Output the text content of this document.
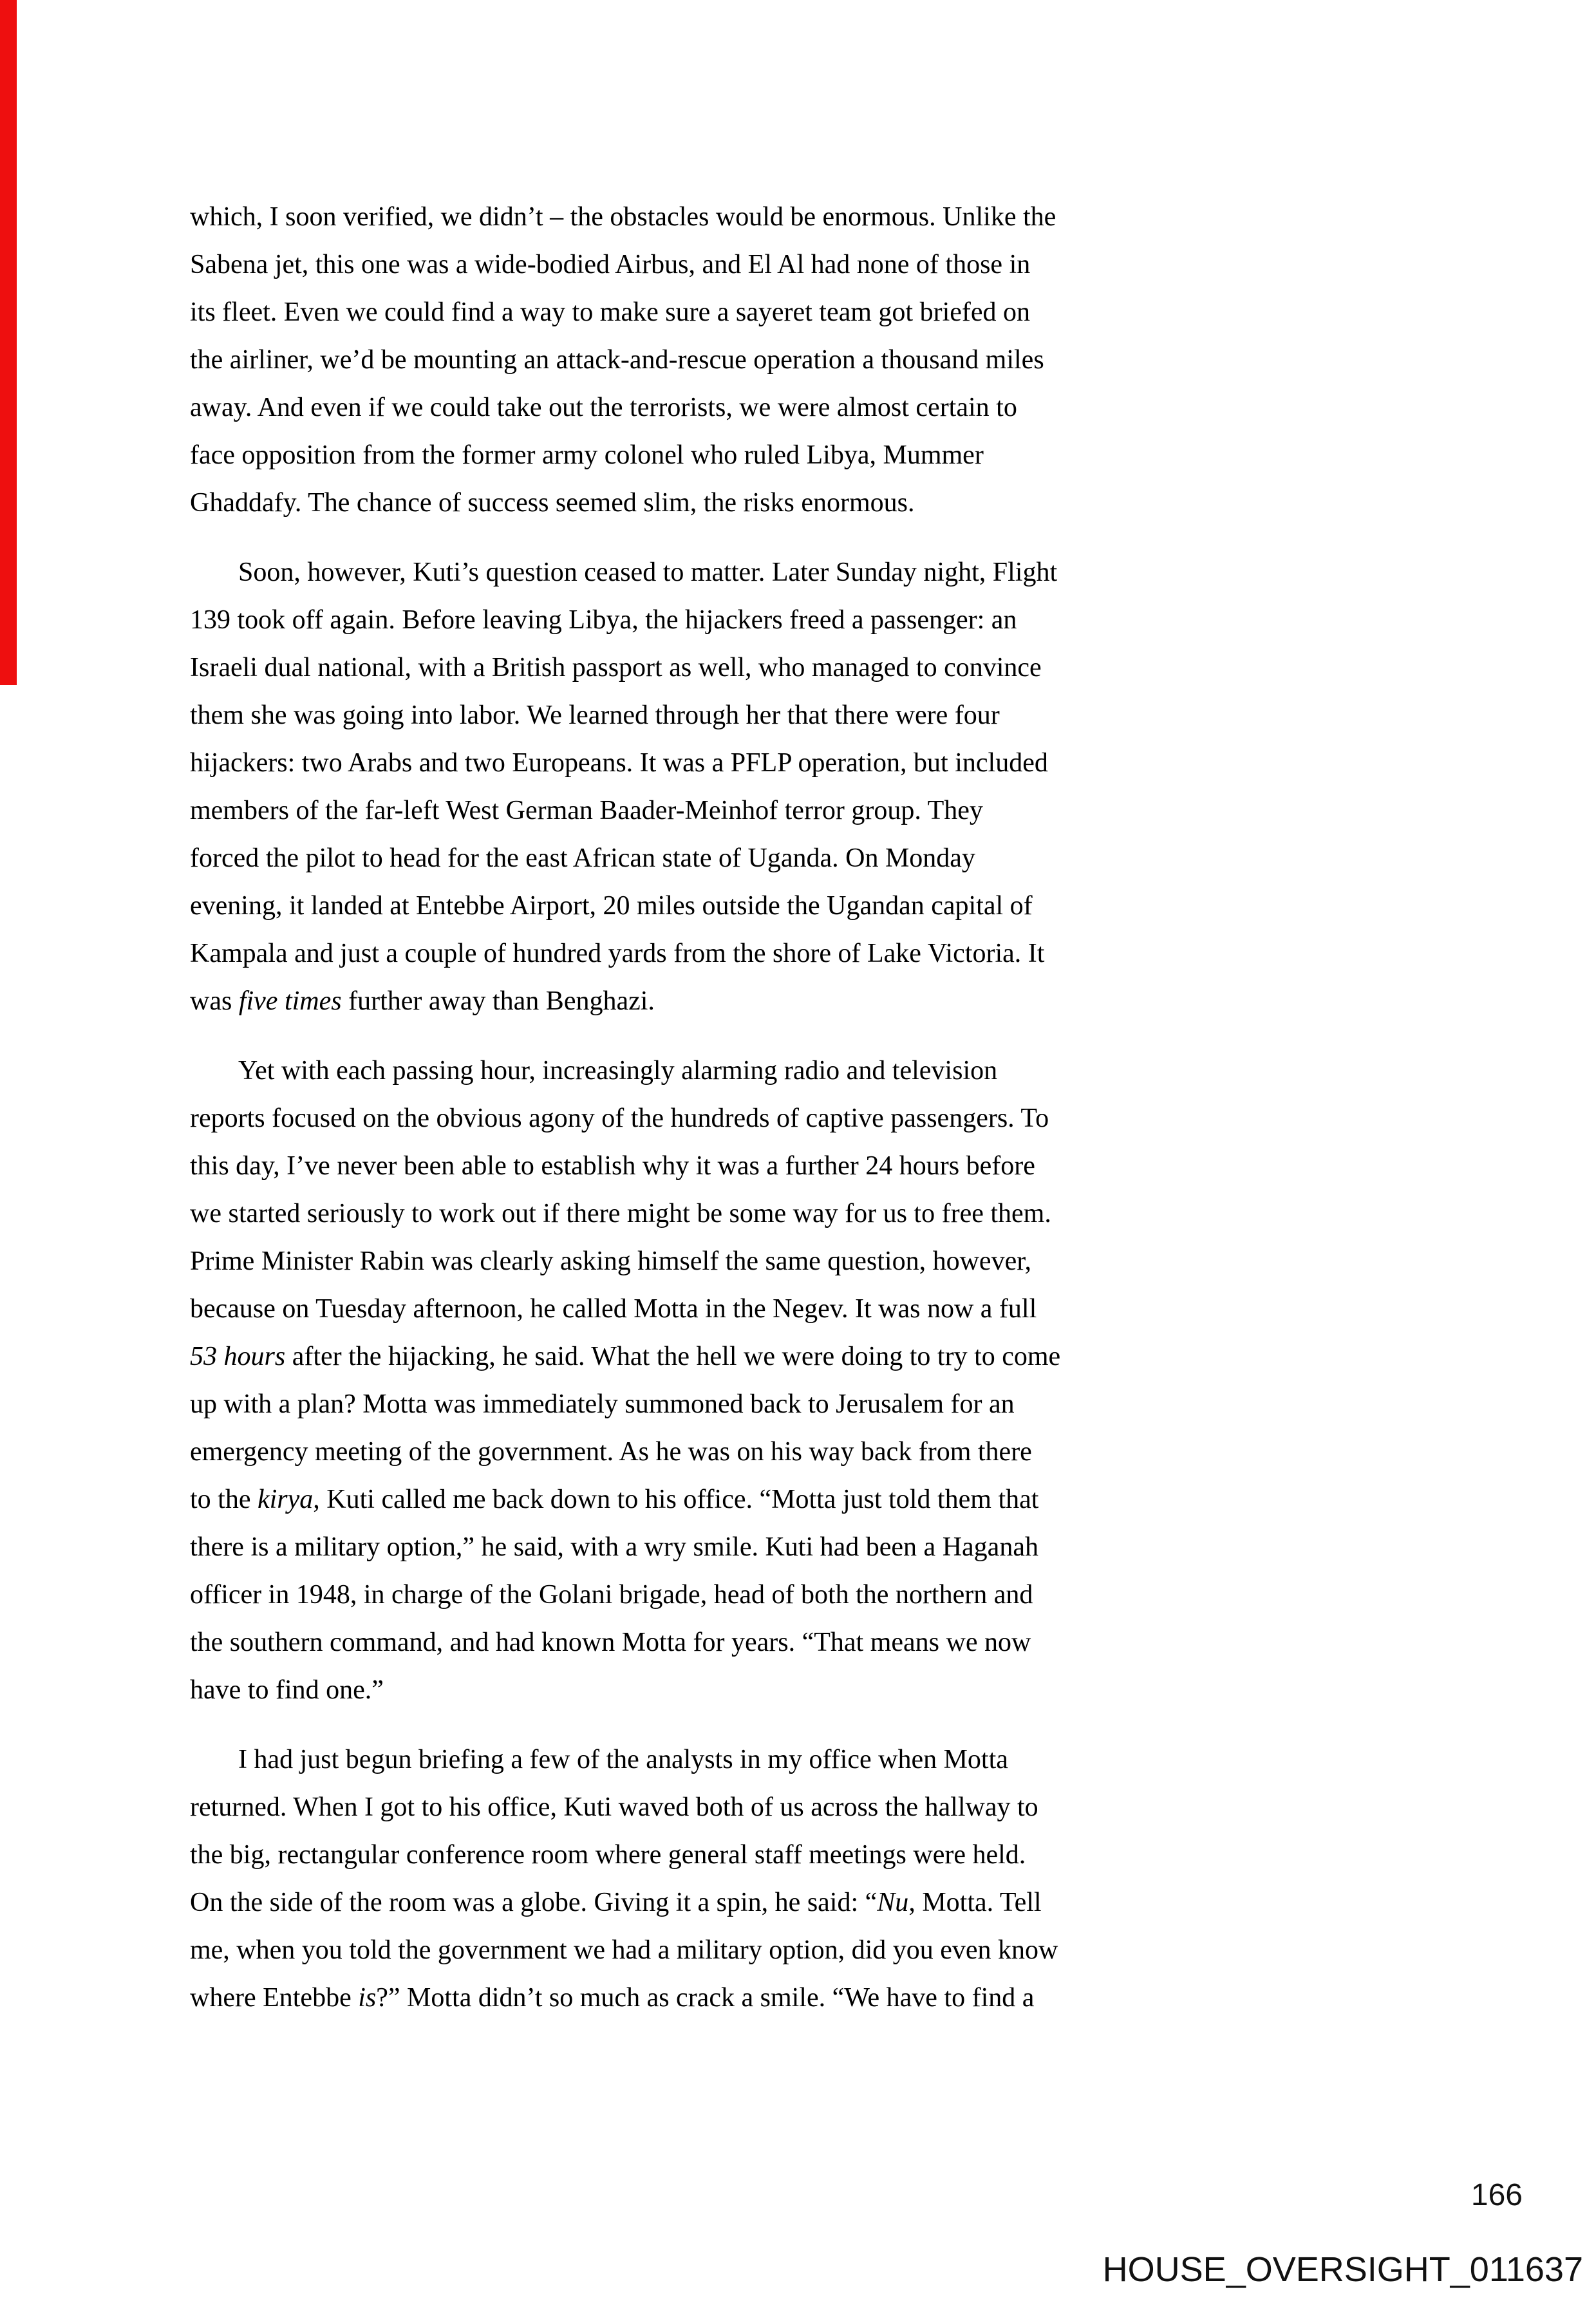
which, I soon verified, we didn’t – the obstacles would be enormous. Unlike the
Sabena jet, this one was a wide-bodied Airbus, and El Al had none of those in
its fleet. Even we could find a way to make sure a sayeret team got briefed on
the airliner, we’d be mounting an attack-and-rescue operation a thousand miles
away. And even if we could take out the terrorists, we were almost certain to
face opposition from the former army colonel who ruled Libya, Mummer
Ghaddafy. The chance of success seemed slim, the risks enormous.

Soon, however, Kuti’s question ceased to matter. Later Sunday night, Flight
139 took off again. Before leaving Libya, the hijackers freed a passenger: an
Israeli dual national, with a British passport as well, who managed to convince
them she was going into labor. We learned through her that there were four
hijackers: two Arabs and two Europeans. It was a PFLP operation, but included
members of the far-left West German Baader-Meinhof terror group. They
forced the pilot to head for the east African state of Uganda. On Monday
evening, it landed at Entebbe Airport, 20 miles outside the Ugandan capital of
Kampala and just a couple of hundred yards from the shore of Lake Victoria. It
was five times further away than Benghazi.

Yet with each passing hour, increasingly alarming radio and television
reports focused on the obvious agony of the hundreds of captive passengers. To
this day, I’ve never been able to establish why it was a further 24 hours before
we started seriously to work out if there might be some way for us to free them.
Prime Minister Rabin was clearly asking himself the same question, however,
because on Tuesday afternoon, he called Motta in the Negev. It was now a full
53 hours after the hijacking, he said. What the hell we were doing to try to come
up with a plan? Motta was immediately summoned back to Jerusalem for an
emergency meeting of the government. As he was on his way back from there
to the kirya, Kuti called me back down to his office. “Motta just told them that
there is a military option,” he said, with a wry smile. Kuti had been a Haganah
officer in 1948, in charge of the Golani brigade, head of both the northern and
the southern command, and had known Motta for years. “That means we now
have to find one.”

I had just begun briefing a few of the analysts in my office when Motta
returned. When I got to his office, Kuti waved both of us across the hallway to
the big, rectangular conference room where general staff meetings were held.
On the side of the room was a globe. Giving it a spin, he said: “Nu, Motta. Tell
me, when you told the government we had a military option, did you even know
where Entebbe is?” Motta didn’t so much as crack a smile. “We have to find a

166
HOUSE_OVERSIGHT_011637
